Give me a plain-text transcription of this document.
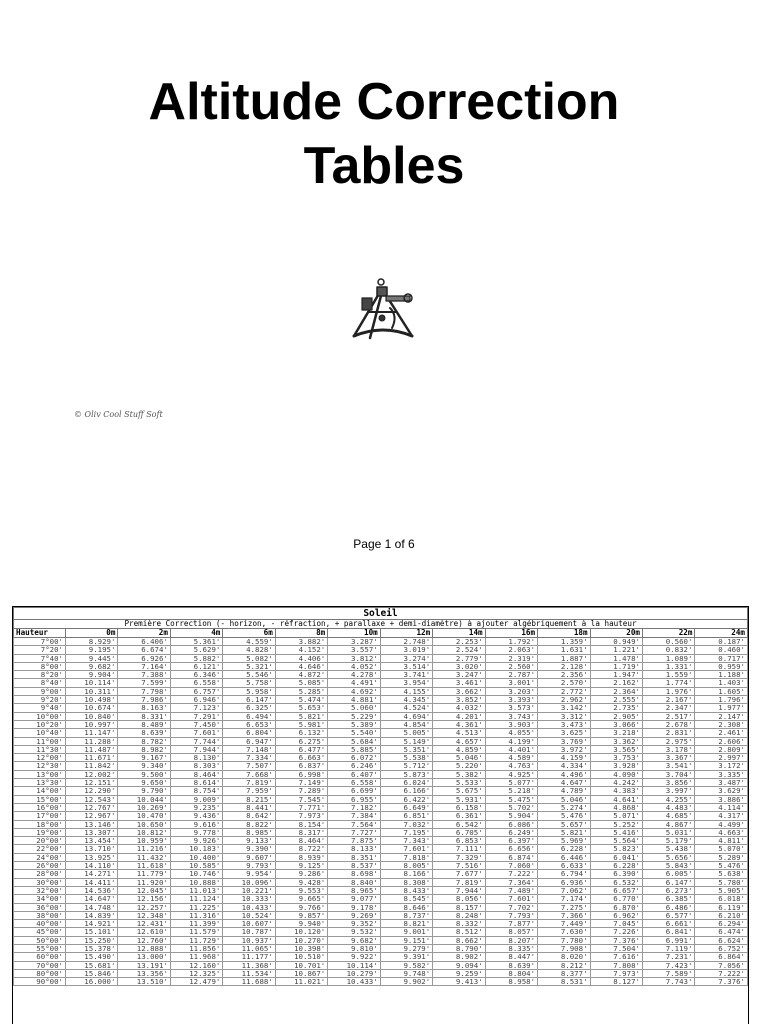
Altitude Correction
Tables
© Oliv Cool Stuff Soft
Page 1 of 6
Soleil													
Première Correction (- horizon, - réfraction, + parallaxe + demi-diamètre) à ajouter algébriquement à la hauteur													
Hauteur	0m	2m	4m	6m	8m	10m	12m	14m	16m	18m	20m	22m	24m
7°00'	8.929'	6.406'	5.361'	4.559'	3.882'	3.287'	2.748'	2.253'	1.792'	1.359'	0.949'	0.560'	0.187'
7°20'	9.195'	6.674'	5.629'	4.828'	4.152'	3.557'	3.019'	2.524'	2.063'	1.631'	1.221'	0.832'	0.460'
7°40'	9.445'	6.926'	5.882'	5.082'	4.406'	3.812'	3.274'	2.779'	2.319'	1.887'	1.478'	1.089'	0.717'
8°00'	9.682'	7.164'	6.121'	5.321'	4.646'	4.052'	3.514'	3.020'	2.560'	2.128'	1.719'	1.331'	0.959'
8°20'	9.904'	7.388'	6.346'	5.546'	4.872'	4.278'	3.741'	3.247'	2.787'	2.356'	1.947'	1.559'	1.188'
8°40'	10.114'	7.599'	6.558'	5.758'	5.085'	4.491'	3.954'	3.461'	3.001'	2.570'	2.162'	1.774'	1.403'
9°00'	10.311'	7.798'	6.757'	5.958'	5.285'	4.692'	4.155'	3.662'	3.203'	2.772'	2.364'	1.976'	1.605'
9°20'	10.498'	7.986'	6.946'	6.147'	5.474'	4.881'	4.345'	3.852'	3.393'	2.962'	2.555'	2.167'	1.796'
9°40'	10.674'	8.163'	7.123'	6.325'	5.653'	5.060'	4.524'	4.032'	3.573'	3.142'	2.735'	2.347'	1.977'
10°00'	10.840'	8.331'	7.291'	6.494'	5.821'	5.229'	4.694'	4.201'	3.743'	3.312'	2.905'	2.517'	2.147'
10°20'	10.997'	8.489'	7.450'	6.653'	5.981'	5.389'	4.854'	4.361'	3.903'	3.473'	3.066'	2.678'	2.308'
10°40'	11.147'	8.639'	7.601'	6.804'	6.132'	5.540'	5.005'	4.513'	4.055'	3.625'	3.218'	2.831'	2.461'
11°00'	11.288'	8.782'	7.744'	6.947'	6.275'	5.684'	5.149'	4.657'	4.199'	3.769'	3.362'	2.975'	2.606'
11°30'	11.487'	8.982'	7.944'	7.148'	6.477'	5.885'	5.351'	4.859'	4.401'	3.972'	3.565'	3.178'	2.809'
12°00'	11.671'	9.167'	8.130'	7.334'	6.663'	6.072'	5.538'	5.046'	4.589'	4.159'	3.753'	3.367'	2.997'
12°30'	11.842'	9.340'	8.303'	7.507'	6.837'	6.246'	5.712'	5.220'	4.763'	4.334'	3.928'	3.541'	3.172'
13°00'	12.002'	9.500'	8.464'	7.668'	6.998'	6.407'	5.873'	5.382'	4.925'	4.496'	4.090'	3.704'	3.335'
13°30'	12.151'	9.650'	8.614'	7.819'	7.149'	6.558'	6.024'	5.533'	5.077'	4.647'	4.242'	3.856'	3.487'
14°00'	12.290'	9.790'	8.754'	7.959'	7.289'	6.699'	6.166'	5.675'	5.218'	4.789'	4.383'	3.997'	3.629'
15°00'	12.543'	10.044'	9.009'	8.215'	7.545'	6.955'	6.422'	5.931'	5.475'	5.046'	4.641'	4.255'	3.886'
16°00'	12.767'	10.269'	9.235'	8.441'	7.771'	7.182'	6.649'	6.158'	5.702'	5.274'	4.868'	4.483'	4.114'
17°00'	12.967'	10.470'	9.436'	8.642'	7.973'	7.384'	6.851'	6.361'	5.904'	5.476'	5.071'	4.685'	4.317'
18°00'	13.146'	10.650'	9.616'	8.822'	8.154'	7.564'	7.032'	6.542'	6.086'	5.657'	5.252'	4.867'	4.499'
19°00'	13.307'	10.812'	9.778'	8.985'	8.317'	7.727'	7.195'	6.705'	6.249'	5.821'	5.416'	5.031'	4.663'
20°00'	13.454'	10.959'	9.926'	9.133'	8.464'	7.875'	7.343'	6.853'	6.397'	5.969'	5.564'	5.179'	4.811'
22°00'	13.710'	11.216'	10.183'	9.390'	8.722'	8.133'	7.601'	7.111'	6.656'	6.228'	5.823'	5.438'	5.070'
24°00'	13.925'	11.432'	10.400'	9.607'	8.939'	8.351'	7.818'	7.329'	6.874'	6.446'	6.041'	5.656'	5.289'
26°00'	14.110'	11.618'	10.585'	9.793'	9.125'	8.537'	8.005'	7.516'	7.060'	6.633'	6.228'	5.843'	5.476'
28°00'	14.271'	11.779'	10.746'	9.954'	9.286'	8.698'	8.166'	7.677'	7.222'	6.794'	6.390'	6.005'	5.638'
30°00'	14.411'	11.920'	10.888'	10.096'	9.428'	8.840'	8.308'	7.819'	7.364'	6.936'	6.532'	6.147'	5.780'
32°00'	14.536'	12.045'	11.013'	10.221'	9.553'	8.965'	8.433'	7.944'	7.489'	7.062'	6.657'	6.273'	5.905'
34°00'	14.647'	12.156'	11.124'	10.333'	9.665'	9.077'	8.545'	8.056'	7.601'	7.174'	6.770'	6.385'	6.018'
36°00'	14.748'	12.257'	11.225'	10.433'	9.766'	9.178'	8.646'	8.157'	7.702'	7.275'	6.870'	6.486'	6.119'
38°00'	14.839'	12.348'	11.316'	10.524'	9.857'	9.269'	8.737'	8.248'	7.793'	7.366'	6.962'	6.577'	6.210'
40°00'	14.921'	12.431'	11.399'	10.607'	9.940'	9.352'	8.821'	8.332'	7.877'	7.449'	7.045'	6.661'	6.294'
45°00'	15.101'	12.610'	11.579'	10.787'	10.120'	9.532'	9.001'	8.512'	8.057'	7.630'	7.226'	6.841'	6.474'
50°00'	15.250'	12.760'	11.729'	10.937'	10.270'	9.682'	9.151'	8.662'	8.207'	7.780'	7.376'	6.991'	6.624'
55°00'	15.378'	12.888'	11.856'	11.065'	10.398'	9.810'	9.279'	8.790'	8.335'	7.908'	7.504'	7.119'	6.752'
60°00'	15.490'	13.000'	11.968'	11.177'	10.510'	9.922'	9.391'	8.902'	8.447'	8.020'	7.616'	7.231'	6.864'
70°00'	15.681'	13.191'	12.160'	11.368'	10.701'	10.114'	9.582'	9.094'	8.639'	8.212'	7.808'	7.423'	7.056'
80°00'	15.846'	13.356'	12.325'	11.534'	10.867'	10.279'	9.748'	9.259'	8.804'	8.377'	7.973'	7.589'	7.222'
90°00'	16.000'	13.510'	12.479'	11.688'	11.021'	10.433'	9.902'	9.413'	8.958'	8.531'	8.127'	7.743'	7.376'
